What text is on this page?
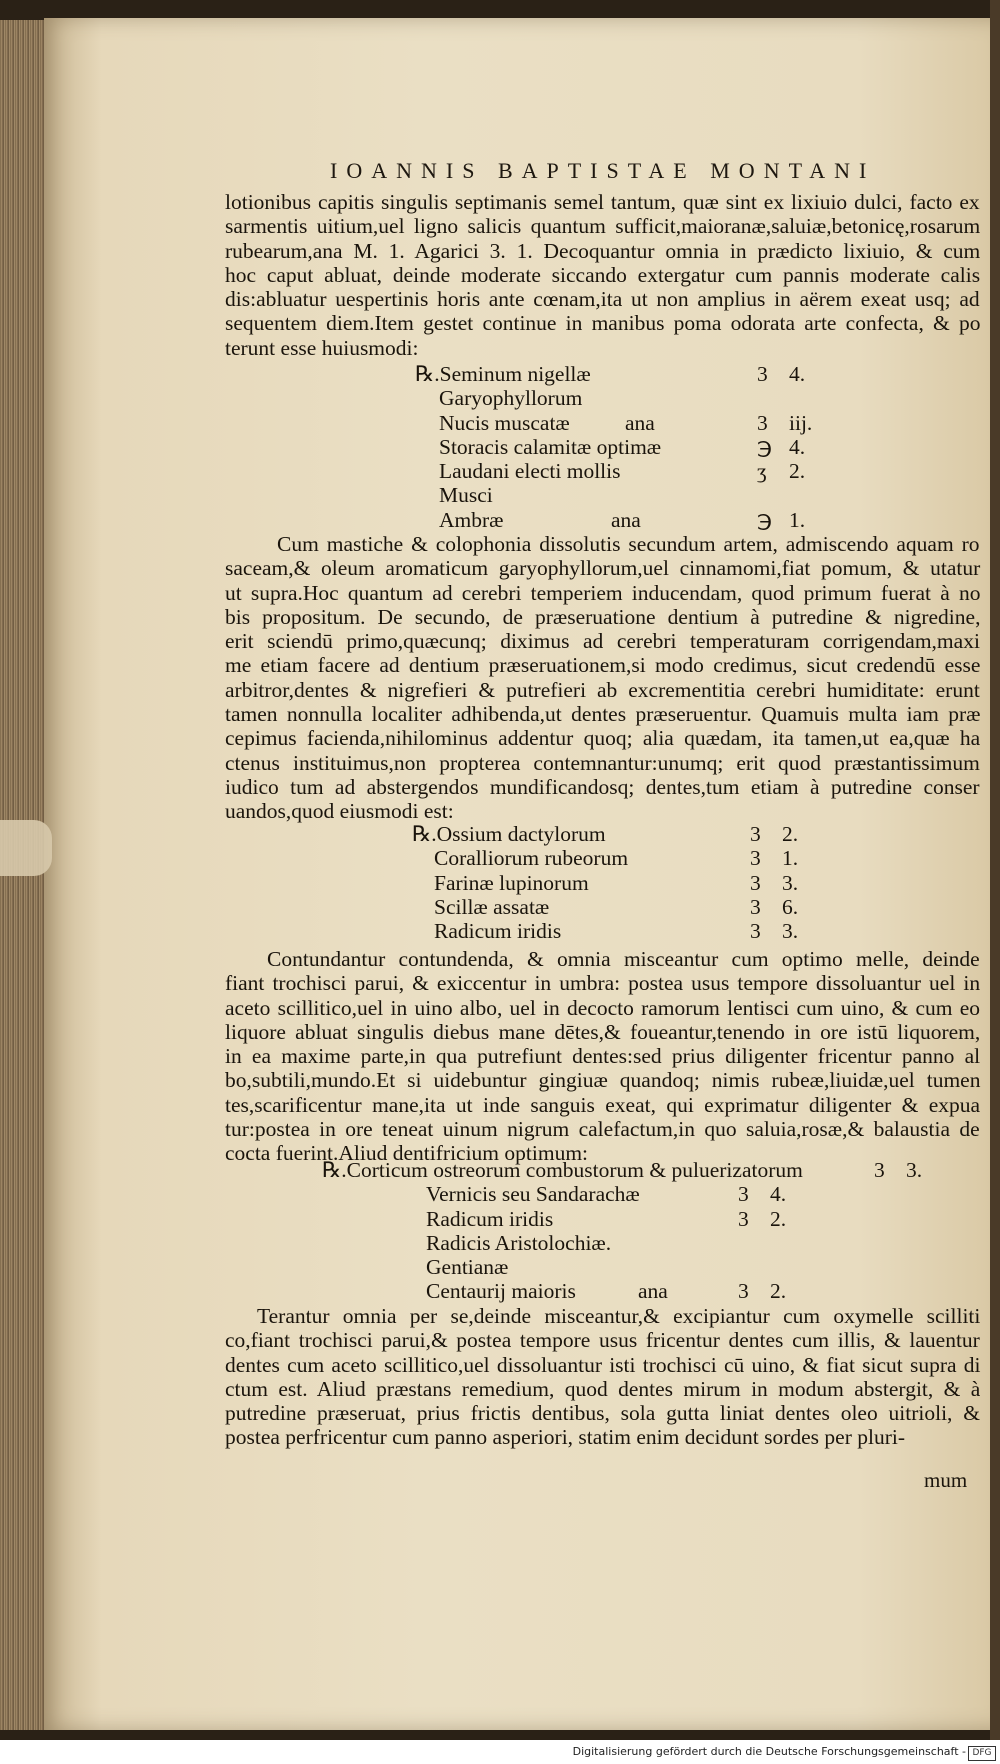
IOANNIS BAPTISTAE MONTANI
lotionibus capitis singulis septimanis semel tantum, quæ sint ex lixiuio dulci, facto ex
sarmentis uitium,uel ligno salicis quantum sufficit,maioranæ,saluiæ,betonicę,rosarum
rubearum,ana M. 1. Agarici 3. 1. Decoquantur omnia in prædicto lixiuio, & cum
hoc caput abluat, deinde moderate siccando extergatur cum pannis moderate calis
dis:abluatur uespertinis horis ante cœnam,ita ut non amplius in aërem exeat usq; ad
sequentem diem.Item gestet continue in manibus poma odorata arte confecta, & po
terunt esse huiusmodi:
℞.Seminum nigellæ	3 4.
Garyophyllorum
Nucis muscatæ	ana	3 iij.
Storacis calamitæ optimæ	℈ 4.
Laudani electi mollis	ʒ 2.
Musci
Ambræ	ana	℈ 1.
Cum mastiche & colophonia dissolutis secundum artem, admiscendo aquam ro
saceam,& oleum aromaticum garyophyllorum,uel cinnamomi,fiat pomum, & utatur
ut supra.Hoc quantum ad cerebri temperiem inducendam, quod primum fuerat à no
bis propositum. De secundo, de præseruatione dentium à putredine & nigredine,
erit sciendū primo,quæcunq; diximus ad cerebri temperaturam corrigendam,maxi
me etiam facere ad dentium præseruationem,si modo credimus, sicut credendū esse
arbitror,dentes & nigrefieri & putrefieri ab excrementitia cerebri humiditate: erunt
tamen nonnulla localiter adhibenda,ut dentes præseruentur. Quamuis multa iam præ
cepimus facienda,nihilominus addentur quoq; alia quædam, ita tamen,ut ea,quæ ha
ctenus instituimus,non propterea contemnantur:unumq; erit quod præstantissimum
iudico tum ad abstergendos mundificandosq; dentes,tum etiam à putredine conser
uandos,quod eiusmodi est:
℞.Ossium dactylorum	3 2.
Coralliorum rubeorum	3 1.
Farinæ lupinorum	3 3.
Scillæ assatæ	3 6.
Radicum iridis	3 3.
Contundantur contundenda, & omnia misceantur cum optimo melle, deinde
fiant trochisci parui, & exiccentur in umbra: postea usus tempore dissoluantur uel in
aceto scillitico,uel in uino albo, uel in decocto ramorum lentisci cum uino, & cum eo
liquore abluat singulis diebus mane dētes,& foueantur,tenendo in ore istū liquorem,
in ea maxime parte,in qua putrefiunt dentes:sed prius diligenter fricentur panno al
bo,subtili,mundo.Et si uidebuntur gingiuæ quandoq; nimis rubeæ,liuidæ,uel tumen
tes,scarificentur mane,ita ut inde sanguis exeat, qui exprimatur diligenter & expua
tur:postea in ore teneat uinum nigrum calefactum,in quo saluia,rosæ,& balaustia de
cocta fuerint.Aliud dentifricium optimum:
℞.Corticum ostreorum combustorum & puluerizatorum	3 3.
Vernicis seu Sandarachæ	3 4.
Radicum iridis	3 2.
Radicis Aristolochiæ.
Gentianæ
Centaurij maioris	ana	3 2.
Terantur omnia per se,deinde misceantur,& excipiantur cum oxymelle scilliti
co,fiant trochisci parui,& postea tempore usus fricentur dentes cum illis, & lauentur
dentes cum aceto scillitico,uel dissoluantur isti trochisci cū uino, & fiat sicut supra di
ctum est. Aliud præstans remedium, quod dentes mirum in modum abstergit, & à
putredine præseruat, prius frictis dentibus, sola gutta liniat dentes oleo uitrioli, &
postea perfricentur cum panno asperiori, statim enim decidunt sordes per pluri-
mum
Digitalisierung gefördert durch die Deutsche Forschungsgemeinschaft - DFG
